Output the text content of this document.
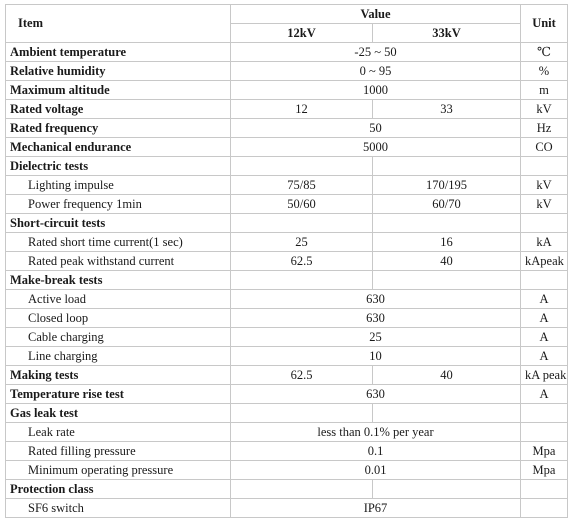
Item	Value		Unit
	12kV	33kV	
Ambient temperature	-25 ~ 50		℃
Relative humidity	0 ~ 95		%
Maximum altitude	1000		m
Rated voltage	12	33	kV
Rated frequency	50		Hz
Mechanical endurance	5000		CO
Dielectric tests			
Lighting impulse	75/85	170/195	kV
Power frequency 1min	50/60	60/70	kV
Short-circuit tests			
Rated short time current(1 sec)	25	16	kA
Rated peak withstand current	62.5	40	kApeak
Make-break tests			
Active load	630		A
Closed loop	630		A
Cable charging	25		A
Line charging	10		A
Making tests	62.5	40	kA peak
Temperature rise test	630		A
Gas leak test			
Leak rate	less than 0.1% per year		
Rated filling pressure	0.1		Mpa
Minimum operating pressure	0.01		Mpa
Protection class			
SF6 switch	IP67		
